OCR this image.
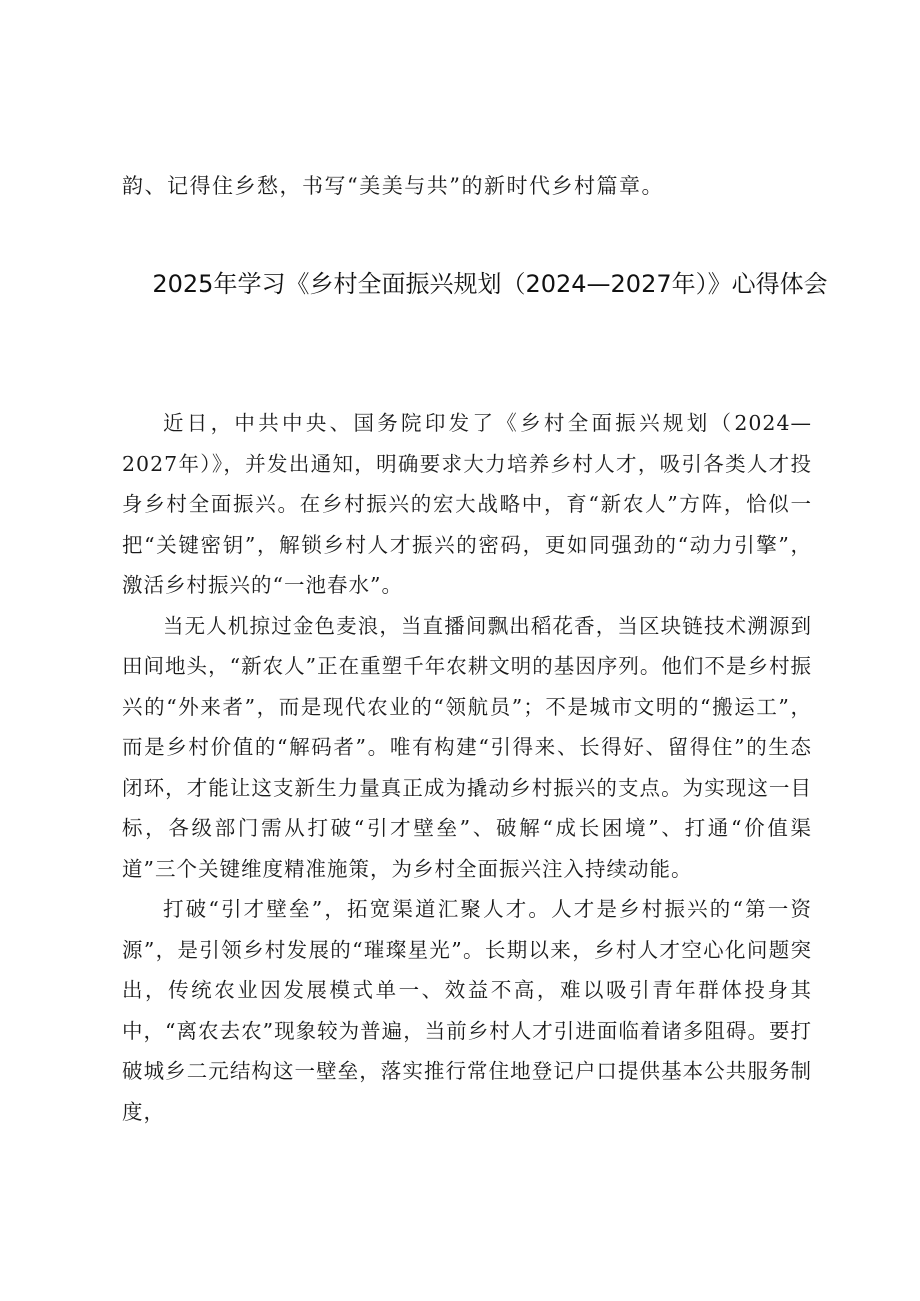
韵、记得住乡愁，书写“美美与共”的新时代乡村篇章。
2025年学习《乡村全面振兴规划（2024—2027年）》心得体会

近日，中共中央、国务院印发了《乡村全面振兴规划（2024—2027年）》，并发出通知，明确要求大力培养乡村人才，吸引各类人才投身乡村全面振兴。在乡村振兴的宏大战略中，育“新农人”方阵，恰似一把“关键密钥”，解锁乡村人才振兴的密码，更如同强劲的“动力引擎”，激活乡村振兴的“一池春水”。

当无人机掠过金色麦浪，当直播间飘出稻花香，当区块链技术溯源到田间地头，“新农人”正在重塑千年农耕文明的基因序列。他们不是乡村振兴的“外来者”，而是现代农业的“领航员”；不是城市文明的“搬运工”，而是乡村价值的“解码者”。唯有构建“引得来、长得好、留得住”的生态闭环，才能让这支新生力量真正成为撬动乡村振兴的支点。为实现这一目标，各级部门需从打破“引才壁垒”、破解“成长困境”、打通“价值渠道”三个关键维度精准施策，为乡村全面振兴注入持续动能。

打破“引才壁垒”，拓宽渠道汇聚人才。人才是乡村振兴的“第一资源”，是引领乡村发展的“璀璨星光”。长期以来，乡村人才空心化问题突出，传统农业因发展模式单一、效益不高，难以吸引青年群体投身其中，“离农去农”现象较为普遍，当前乡村人才引进面临着诸多阻碍。要打破城乡二元结构这一壁垒，落实推行常住地登记户口提供基本公共服务制度，
